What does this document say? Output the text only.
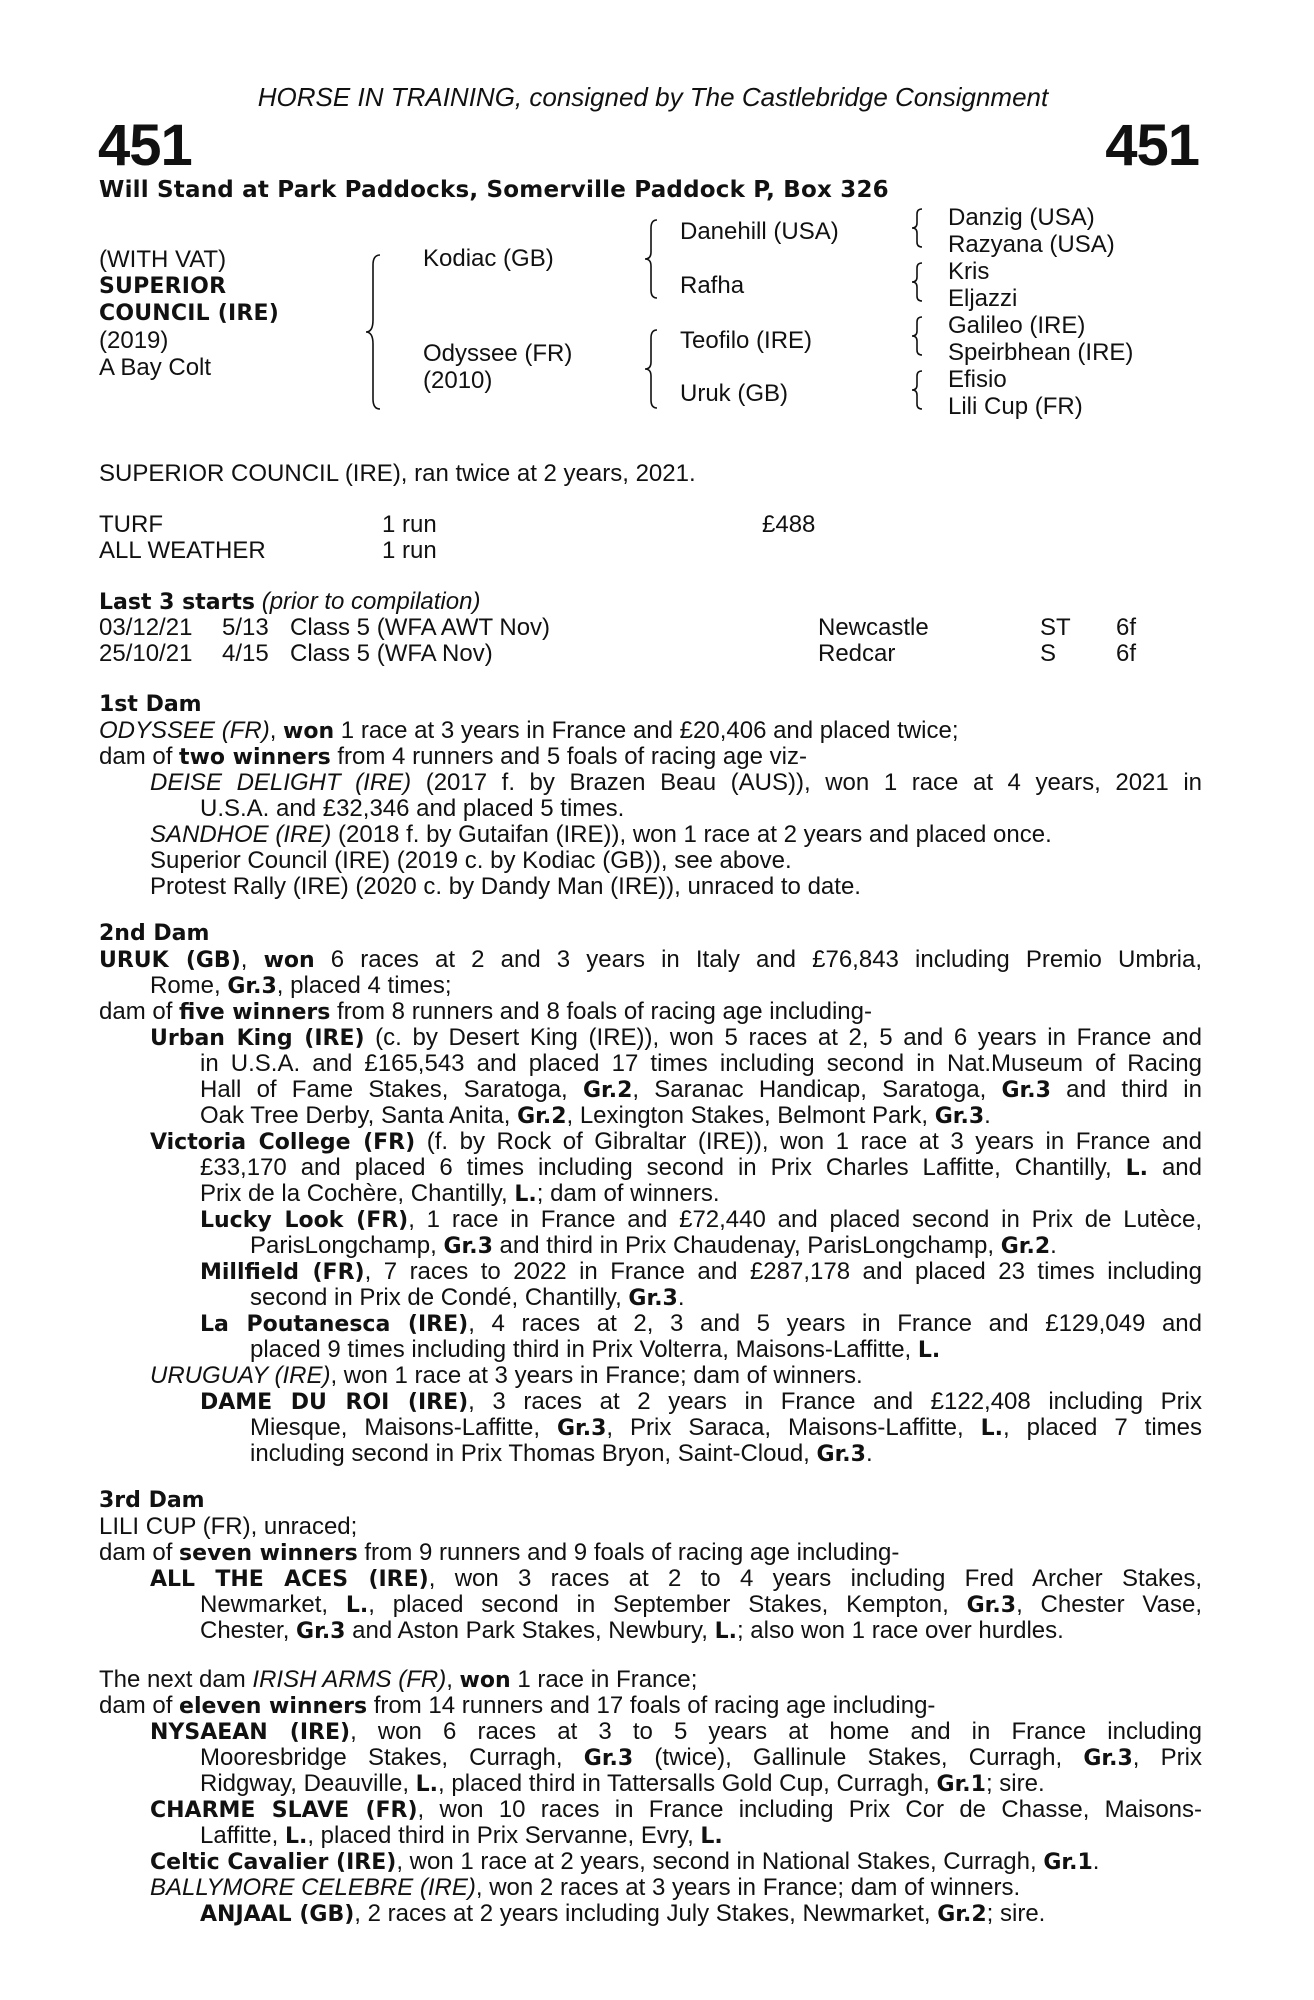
HORSE IN TRAINING, consigned by The Castlebridge Consignment
451	451
Will Stand at Park Paddocks, Somerville Paddock P, Box 326
(WITH VAT)
SUPERIOR
COUNCIL (IRE)
(2019)
A Bay Colt
Kodiac (GB)
Odyssee (FR)
(2010)
Danehill (USA)
Rafha
Teofilo (IRE)
Uruk (GB)
Danzig (USA)
Razyana (USA)
Kris
Eljazzi
Galileo (IRE)
Speirbhean (IRE)
Efisio
Lili Cup (FR)
SUPERIOR COUNCIL (IRE), ran twice at 2 years, 2021.
TURF	1 run	£488
ALL WEATHER	1 run
Last 3 starts (prior to compilation)
03/12/21 5/13 Class 5 (WFA AWT Nov)	Newcastle	ST 6f
25/10/21 4/15 Class 5 (WFA Nov)	Redcar	S 6f
1st Dam
ODYSSEE (FR), won 1 race at 3 years in France and £20,406 and placed twice;
dam of two winners from 4 runners and 5 foals of racing age viz-
DEISE DELIGHT (IRE) (2017 f. by Brazen Beau (AUS)), won 1 race at 4 years, 2021 in
U.S.A. and £32,346 and placed 5 times.
SANDHOE (IRE) (2018 f. by Gutaifan (IRE)), won 1 race at 2 years and placed once.
Superior Council (IRE) (2019 c. by Kodiac (GB)), see above.
Protest Rally (IRE) (2020 c. by Dandy Man (IRE)), unraced to date.
2nd Dam
URUK (GB), won 6 races at 2 and 3 years in Italy and £76,843 including Premio Umbria,
Rome, Gr.3, placed 4 times;
dam of five winners from 8 runners and 8 foals of racing age including-
Urban King (IRE) (c. by Desert King (IRE)), won 5 races at 2, 5 and 6 years in France and
in U.S.A. and £165,543 and placed 17 times including second in Nat.Museum of Racing
Hall of Fame Stakes, Saratoga, Gr.2, Saranac Handicap, Saratoga, Gr.3 and third in
Oak Tree Derby, Santa Anita, Gr.2, Lexington Stakes, Belmont Park, Gr.3.
Victoria College (FR) (f. by Rock of Gibraltar (IRE)), won 1 race at 3 years in France and
£33,170 and placed 6 times including second in Prix Charles Laffitte, Chantilly, L. and
Prix de la Cochère, Chantilly, L.; dam of winners.
Lucky Look (FR), 1 race in France and £72,440 and placed second in Prix de Lutèce,
ParisLongchamp, Gr.3 and third in Prix Chaudenay, ParisLongchamp, Gr.2.
Millfield (FR), 7 races to 2022 in France and £287,178 and placed 23 times including
second in Prix de Condé, Chantilly, Gr.3.
La Poutanesca (IRE), 4 races at 2, 3 and 5 years in France and £129,049 and
placed 9 times including third in Prix Volterra, Maisons-Laffitte, L.
URUGUAY (IRE), won 1 race at 3 years in France; dam of winners.
DAME DU ROI (IRE), 3 races at 2 years in France and £122,408 including Prix
Miesque, Maisons-Laffitte, Gr.3, Prix Saraca, Maisons-Laffitte, L., placed 7 times
including second in Prix Thomas Bryon, Saint-Cloud, Gr.3.
3rd Dam
LILI CUP (FR), unraced;
dam of seven winners from 9 runners and 9 foals of racing age including-
ALL THE ACES (IRE), won 3 races at 2 to 4 years including Fred Archer Stakes,
Newmarket, L., placed second in September Stakes, Kempton, Gr.3, Chester Vase,
Chester, Gr.3 and Aston Park Stakes, Newbury, L.; also won 1 race over hurdles.
The next dam IRISH ARMS (FR), won 1 race in France;
dam of eleven winners from 14 runners and 17 foals of racing age including-
NYSAEAN (IRE), won 6 races at 3 to 5 years at home and in France including
Mooresbridge Stakes, Curragh, Gr.3 (twice), Gallinule Stakes, Curragh, Gr.3, Prix
Ridgway, Deauville, L., placed third in Tattersalls Gold Cup, Curragh, Gr.1; sire.
CHARME SLAVE (FR), won 10 races in France including Prix Cor de Chasse, Maisons-
Laffitte, L., placed third in Prix Servanne, Evry, L.
Celtic Cavalier (IRE), won 1 race at 2 years, second in National Stakes, Curragh, Gr.1.
BALLYMORE CELEBRE (IRE), won 2 races at 3 years in France; dam of winners.
ANJAAL (GB), 2 races at 2 years including July Stakes, Newmarket, Gr.2; sire.
